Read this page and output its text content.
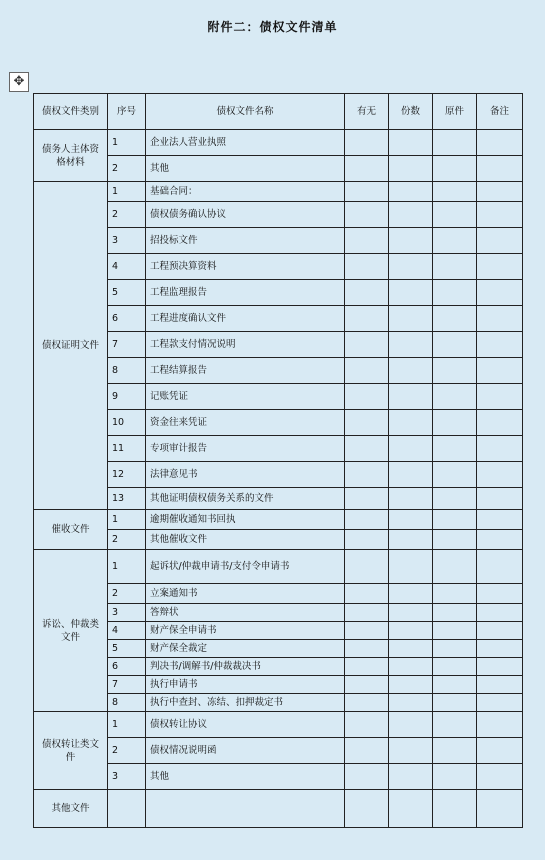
附件二：债权文件清单
✥
债权文件类别	序号	债权文件名称	有无	份数	原件	备注
债务人主体资格材料	1	企业法人营业执照				
	2	其他				
债权证明文件	1	基础合同：				
	2	债权债务确认协议				
	3	招投标文件				
	4	工程预决算资料				
	5	工程监理报告				
	6	工程进度确认文件				
	7	工程款支付情况说明				
	8	工程结算报告				
	9	记账凭证				
	10	资金往来凭证				
	11	专项审计报告				
	12	法律意见书				
	13	其他证明债权债务关系的文件				
催收文件	1	逾期催收通知书回执				
	2	其他催收文件				
诉讼、仲裁类文件	1	起诉状/仲裁申请书/支付令申请书				
	2	立案通知书				
	3	答辩状				
	4	财产保全申请书				
	5	财产保全裁定				
	6	判决书/调解书/仲裁裁决书				
	7	执行申请书				
	8	执行中查封、冻结、扣押裁定书				
债权转让类文件	1	债权转让协议				
	2	债权情况说明函				
	3	其他				
其他文件						
